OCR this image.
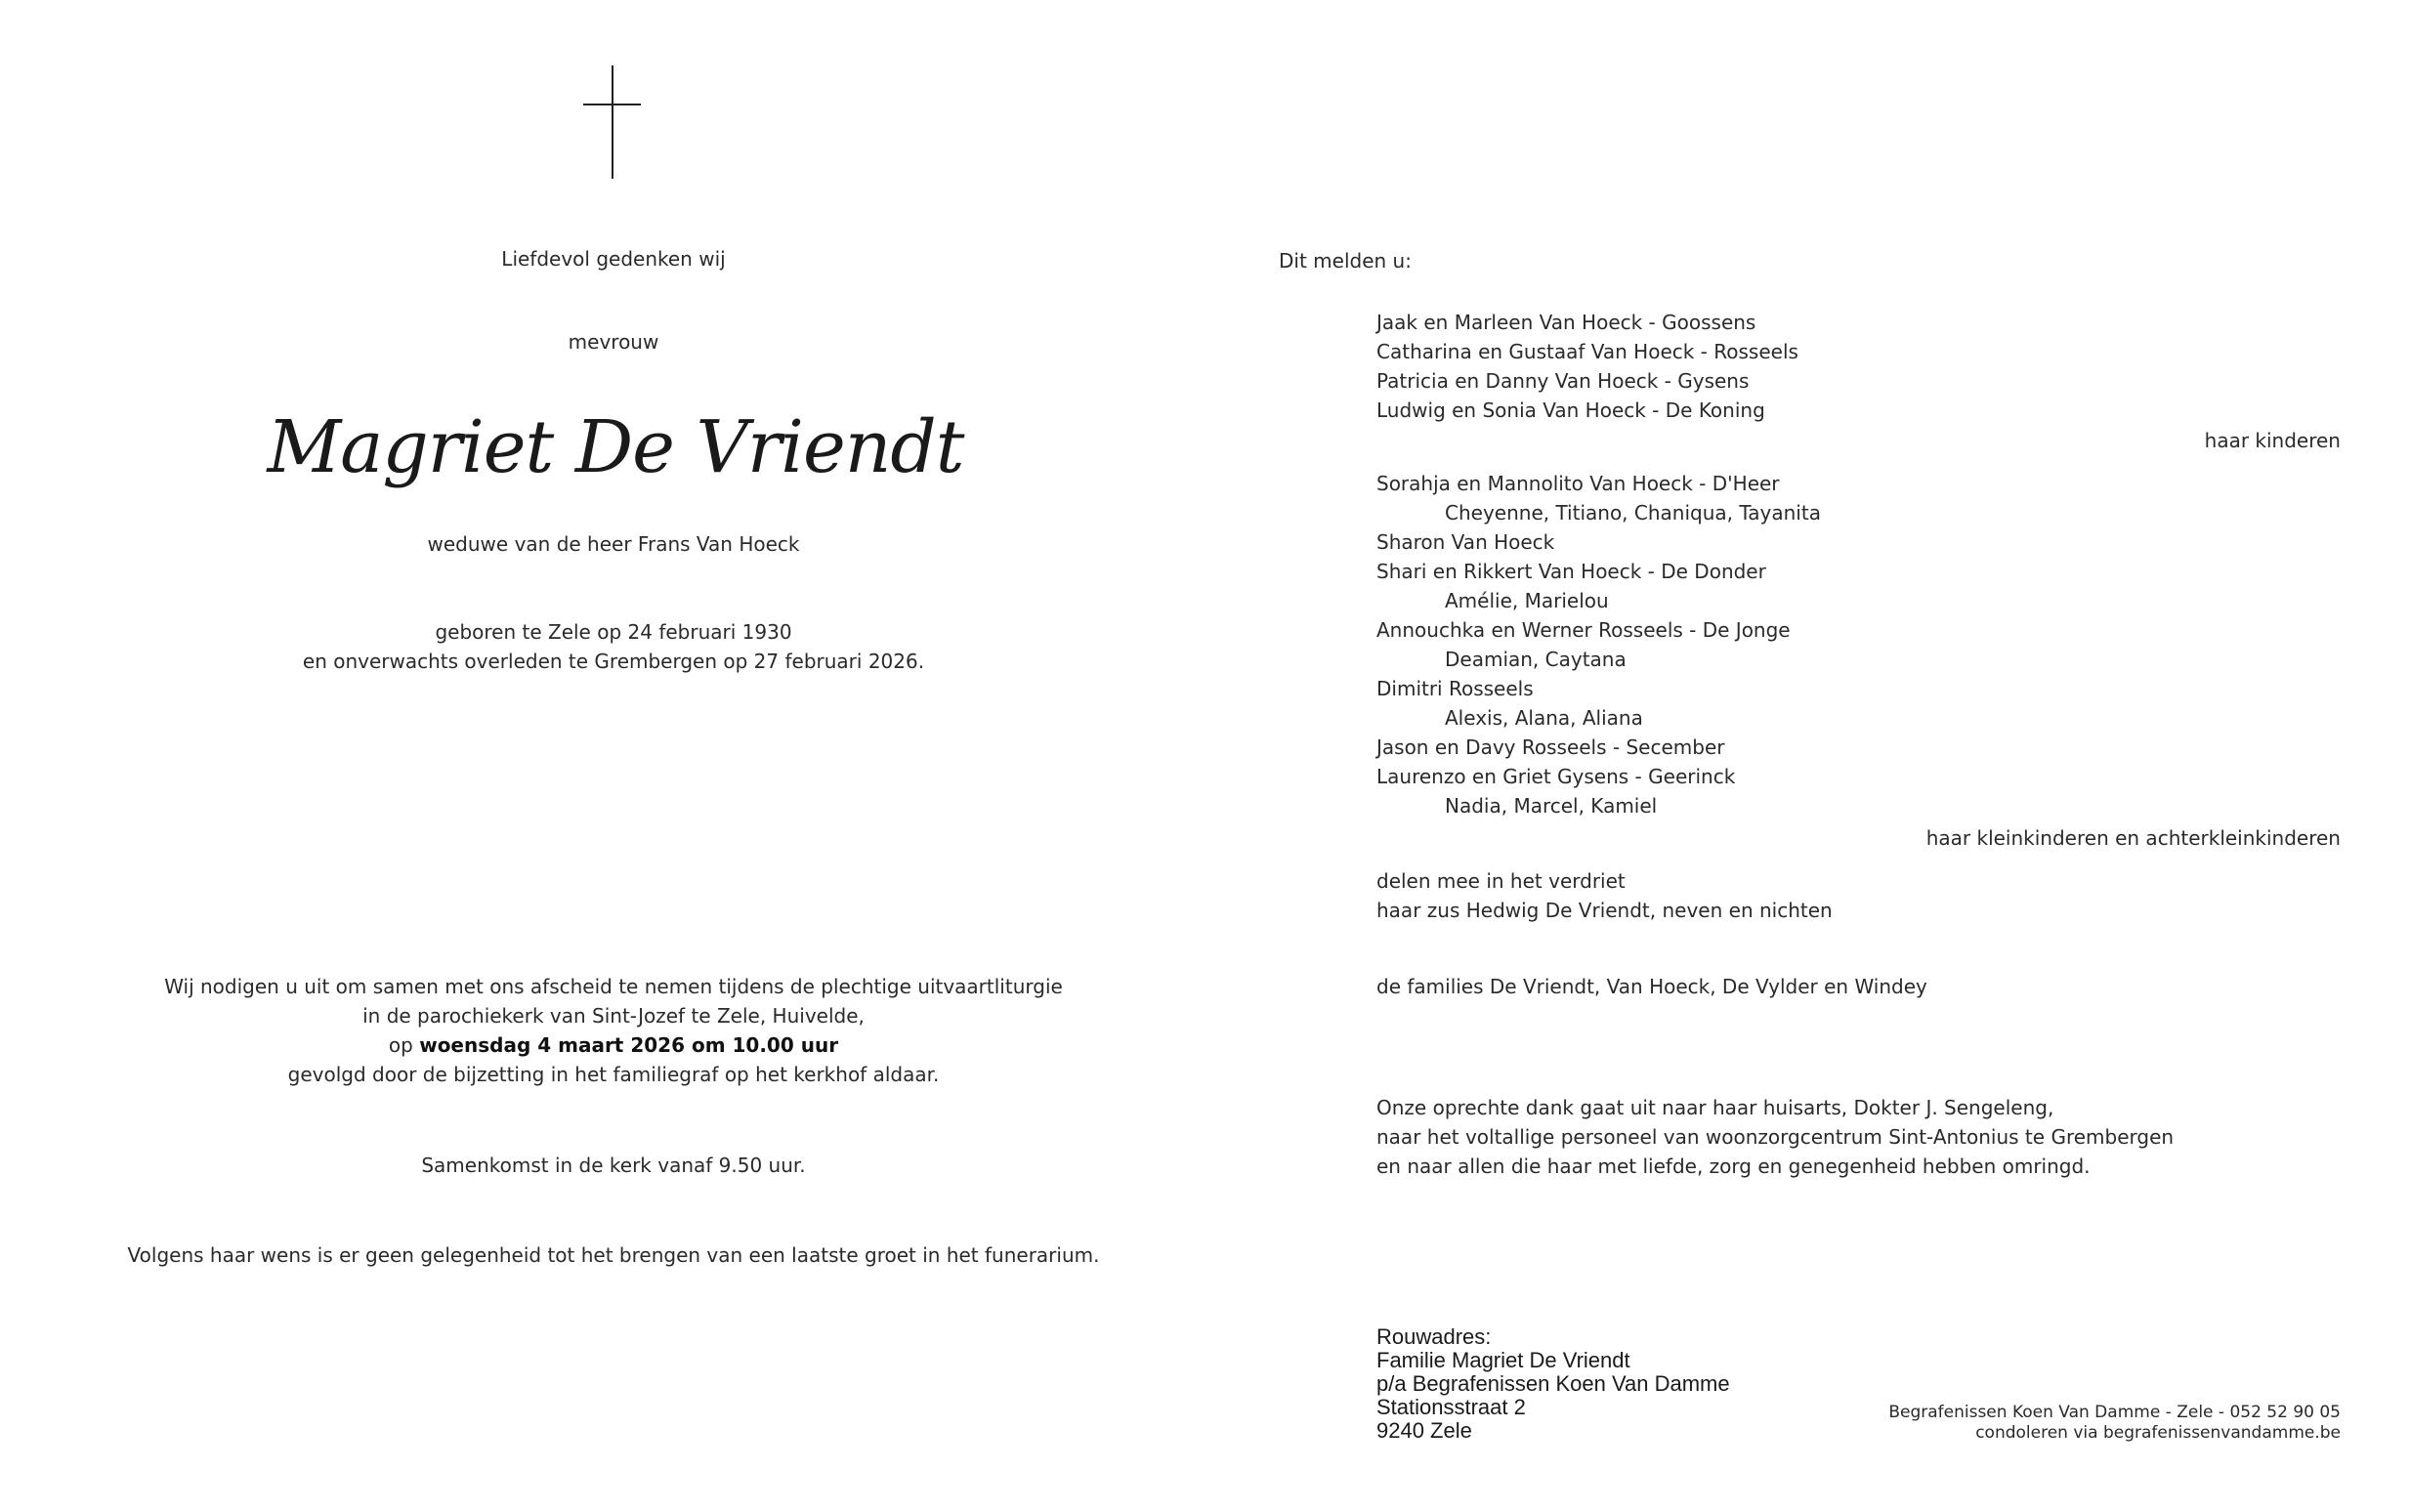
Liefdevol gedenken wij
mevrouw
Magriet De Vriendt
weduwe van de heer Frans Van Hoeck
geboren te Zele op 24 februari 1930
en onverwachts overleden te Grembergen op 27 februari 2026.
Wij nodigen u uit om samen met ons afscheid te nemen tijdens de plechtige uitvaartliturgie
in de parochiekerk van Sint-Jozef te Zele, Huivelde,
op woensdag 4 maart 2026 om 10.00 uur
gevolgd door de bijzetting in het familiegraf op het kerkhof aldaar.
Samenkomst in de kerk vanaf 9.50 uur.
Volgens haar wens is er geen gelegenheid tot het brengen van een laatste groet in het funerarium.
Dit melden u:
Jaak en Marleen Van Hoeck - Goossens
Catharina en Gustaaf Van Hoeck - Rosseels
Patricia en Danny Van Hoeck - Gysens
Ludwig en Sonia Van Hoeck - De Koning
haar kinderen
Sorahja en Mannolito Van Hoeck - D'Heer
Cheyenne, Titiano, Chaniqua, Tayanita
Sharon Van Hoeck
Shari en Rikkert Van Hoeck - De Donder
Amélie, Marielou
Annouchka en Werner Rosseels - De Jonge
Deamian, Caytana
Dimitri Rosseels
Alexis, Alana, Aliana
Jason en Davy Rosseels - Secember
Laurenzo en Griet Gysens - Geerinck
Nadia, Marcel, Kamiel
haar kleinkinderen en achterkleinkinderen
delen mee in het verdriet
haar zus Hedwig De Vriendt, neven en nichten
de families De Vriendt, Van Hoeck, De Vylder en Windey
Onze oprechte dank gaat uit naar haar huisarts, Dokter J. Sengeleng,
naar het voltallige personeel van woonzorgcentrum Sint-Antonius te Grembergen
en naar allen die haar met liefde, zorg en genegenheid hebben omringd.
Rouwadres:
Familie Magriet De Vriendt
p/a Begrafenissen Koen Van Damme
Stationsstraat 2
9240 Zele
Begrafenissen Koen Van Damme - Zele - 052 52 90 05
condoleren via begrafenissenvandamme.be
